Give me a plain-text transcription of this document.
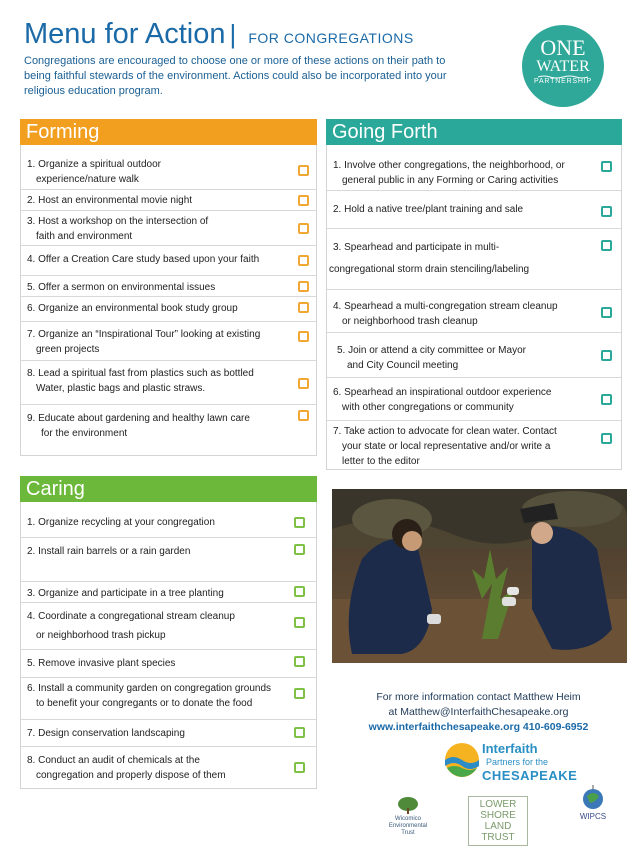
Menu for Action | FOR CONGREGATIONS
Congregations are encouraged to choose one or more of these actions on their path to being faithful stewards of the environment. Actions could also be incorporated into your religious education program.
ONE
WATER
PARTNERSHIP
Forming	Going Forth
Caring
1. Organize a spiritual outdoor
experience/nature walk
2. Host an environmental movie night
3. Host a workshop on the intersection of
faith and environment
4. Offer a Creation Care study based upon your faith
5. Offer a sermon on environmental issues
6. Organize an environmental book study group
7. Organize an “Inspirational Tour” looking at existing
green projects
8. Lead a spiritual fast from plastics such as bottled
Water, plastic bags and plastic straws.
9. Educate about gardening and healthy lawn care
for the environment
1. Involve other congregations, the neighborhood, or
general public in any Forming or Caring activities
2. Hold a native tree/plant training and sale
3. Spearhead and participate in multi-
congregational storm drain stenciling/labeling
4. Spearhead a multi-congregation stream cleanup
or neighborhood trash cleanup
5. Join or attend a city committee or Mayor
and City Council meeting
6. Spearhead an inspirational outdoor experience
with other congregations or community
7. Take action to advocate for clean water. Contact
your state or local representative and/or write a
letter to the editor
1. Organize recycling at your congregation
2. Install rain barrels or a rain garden
3. Organize and participate in a tree planting
4. Coordinate a congregational stream cleanup
or neighborhood trash pickup
5. Remove invasive plant species
6. Install a community garden on congregation grounds
to benefit your congregants or to donate the food
7. Design conservation landscaping
8. Conduct an audit of chemicals at the
congregation and properly dispose of them
For more information contact Matthew Heim
at Matthew@InterfaithChesapeake.org
www.interfaithchesapeake.org 410-609-6952
Interfaith
Partners for the
CHESAPEAKE
Wicomico Environmental Trust
LOWER SHORE LAND TRUST
WIPCS
